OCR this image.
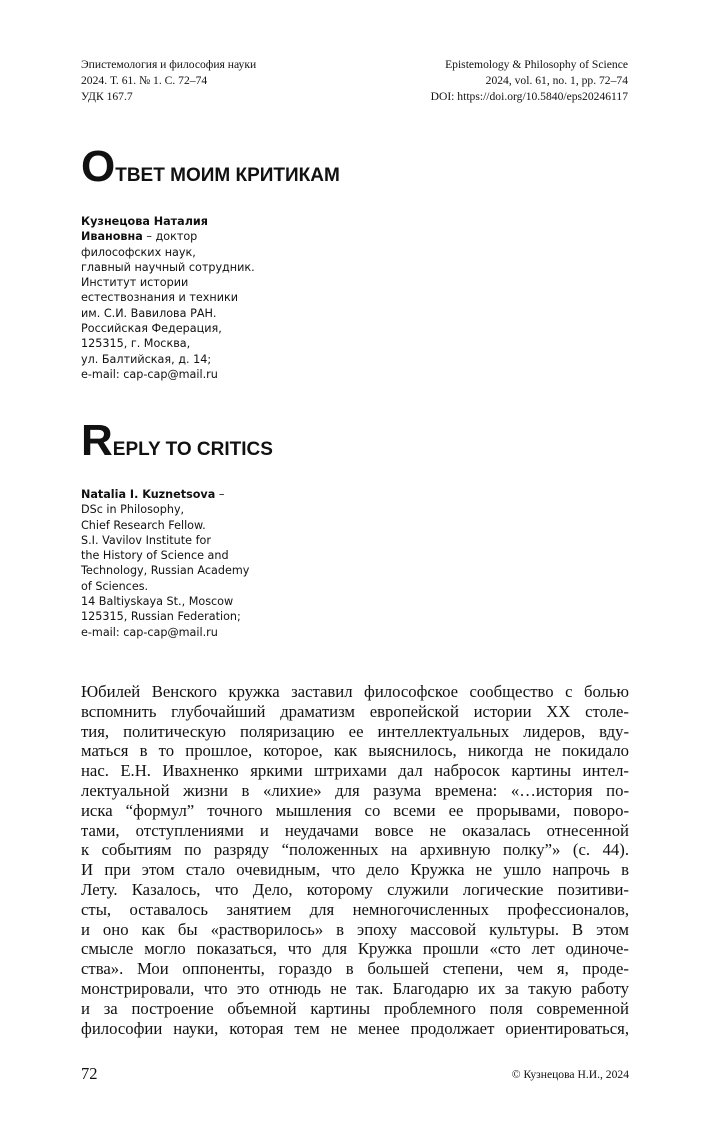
Эпистемология и философия науки
2024. Т. 61. № 1. С. 72–74
УДК 167.7
Epistemology & Philosophy of Science
2024, vol. 61, no. 1, pp. 72–74
DOI: https://doi.org/10.5840/eps20246117
ОТВЕТ МОИМ КРИТИКАМ
Кузнецова Наталия
Ивановна – доктор
философских наук,
главный научный сотрудник.
Институт истории
естествознания и техники
им. С.И. Вавилова РАН.
Российская Федерация,
125315, г. Москва,
ул. Балтийская, д. 14;
e-mail: cap-cap@mail.ru
REPLY TO CRITICS
Natalia I. Kuznetsova –
DSc in Philosophy,
Chief Research Fellow.
S.I. Vavilov Institute for
the History of Science and
Technology, Russian Academy
of Sciences.
14 Baltiyskaya St., Moscow
125315, Russian Federation;
e-mail: cap-cap@mail.ru
Юбилей Венского кружка заставил философское сообщество с болью
вспомнить глубочайший драматизм европейской истории XX столе-
тия, политическую поляризацию ее интеллектуальных лидеров, вду-
маться в то прошлое, которое, как выяснилось, никогда не покидало
нас. Е.Н. Ивахненко яркими штрихами дал набросок картины интел-
лектуальной жизни в «лихие» для разума времена: «…история по-
иска “формул” точного мышления со всеми ее прорывами, поворо-
тами, отступлениями и неудачами вовсе не оказалась отнесенной
к событиям по разряду “положенных на архивную полку”» (с. 44).
И при этом стало очевидным, что дело Кружка не ушло напрочь в
Лету. Казалось, что Дело, которому служили логические позитиви-
сты, оставалось занятием для немногочисленных профессионалов,
и оно как бы «растворилось» в эпоху массовой культуры. В этом
смысле могло показаться, что для Кружка прошли «сто лет одиноче-
ства». Мои оппоненты, гораздо в большей степени, чем я, проде-
монстрировали, что это отнюдь не так. Благодарю их за такую работу
и за построение объемной картины проблемного поля современной
философии науки, которая тем не менее продолжает ориентироваться,
72	© Кузнецова Н.И., 2024
